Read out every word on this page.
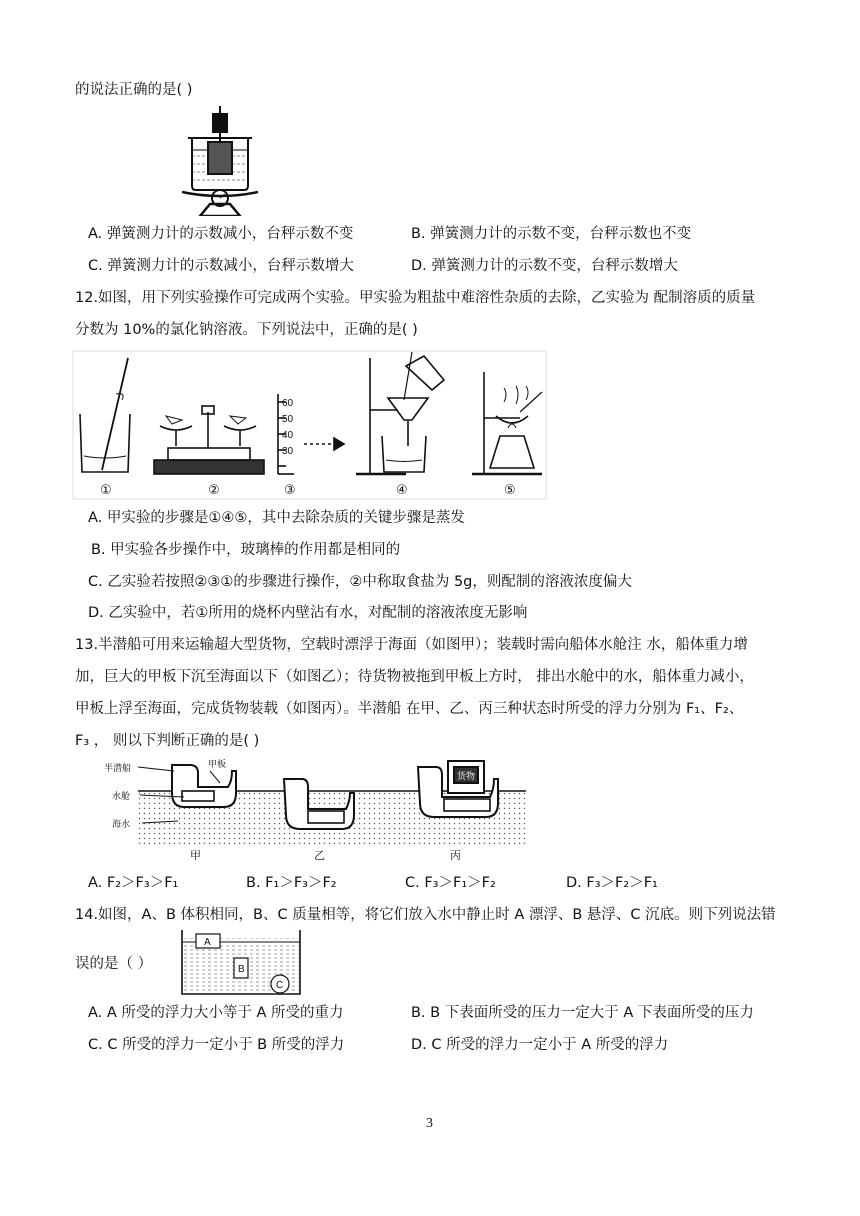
的说法正确的是( )
A. 弹簧测力计的示数减小，台秤示数不变	B. 弹簧测力计的示数不变，台秤示数也不变
C. 弹簧测力计的示数减小，台秤示数增大	D. 弹簧测力计的示数不变，台秤示数增大
12.如图，用下列实验操作可完成两个实验。甲实验为粗盐中难溶性杂质的去除，乙实验为 配制溶质的质量
分数为 10%的氯化钠溶液。下列说法中，正确的是( )
60
50
40
30
①	②	③	④	⑤
A. 甲实验的步骤是①④⑤，其中去除杂质的关键步骤是蒸发
B. 甲实验各步操作中，玻璃棒的作用都是相同的
C. 乙实验若按照②③①的步骤进行操作，②中称取食盐为 5g，则配制的溶液浓度偏大
D. 乙实验中，若①所用的烧杯内壁沾有水，对配制的溶液浓度无影响
13.半潜船可用来运输超大型货物，空载时漂浮于海面（如图甲）；装载时需向船体水舱注 水，船体重力增
加，巨大的甲板下沉至海面以下（如图乙）；待货物被拖到甲板上方时， 排出水舱中的水，船体重力减小，
甲板上浮至海面，完成货物装载（如图丙）。半潜船 在甲、乙、丙三种状态时所受的浮力分别为 F₁、F₂、
F₃ ， 则以下判断正确的是( )
半潜船
水舱
海水
甲板
货物
甲	乙	丙
A. F₂＞F₃＞F₁	B. F₁＞F₃＞F₂	C. F₃＞F₁＞F₂	D. F₃＞F₂＞F₁
14.如图，A、B 体积相同，B、C 质量相等，将它们放入水中静止时 A 漂浮、B 悬浮、C 沉底。则下列说法错
误的是（ ）
A
B
C
A. A 所受的浮力大小等于 A 所受的重力	B. B 下表面所受的压力一定大于 A 下表面所受的压力
C. C 所受的浮力一定小于 B 所受的浮力	D. C 所受的浮力一定小于 A 所受的浮力
3
